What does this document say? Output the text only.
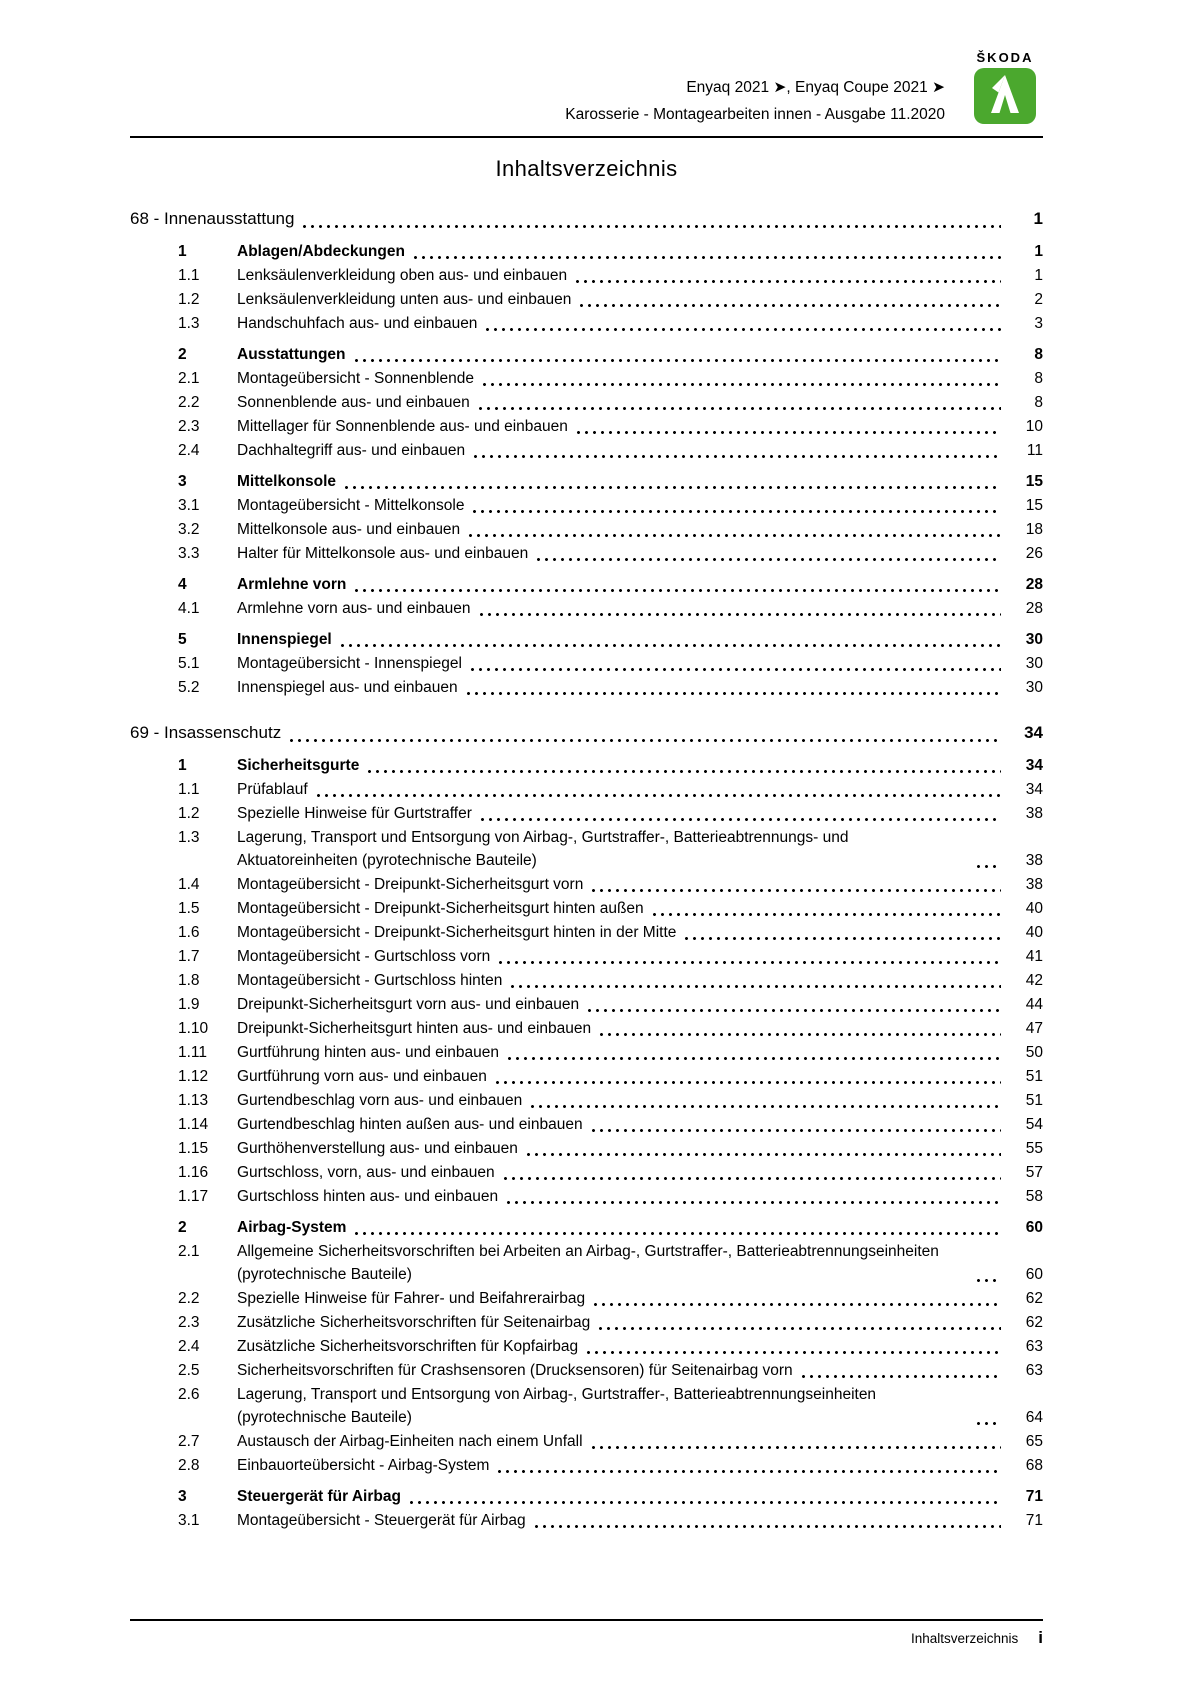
Enyaq 2021 ➤, Enyaq Coupe 2021 ➤
Karosserie - Montagearbeiten innen - Ausgabe 11.2020
ŠKODA
Inhaltsverzeichnis
68 - Innenausstattung	1
1	Ablagen/Abdeckungen	1
1.1	Lenksäulenverkleidung oben aus- und einbauen	1
1.2	Lenksäulenverkleidung unten aus- und einbauen	2
1.3	Handschuhfach aus- und einbauen	3
2	Ausstattungen	8
2.1	Montageübersicht - Sonnenblende	8
2.2	Sonnenblende aus- und einbauen	8
2.3	Mittellager für Sonnenblende aus- und einbauen	10
2.4	Dachhaltegriff aus- und einbauen	11
3	Mittelkonsole	15
3.1	Montageübersicht - Mittelkonsole	15
3.2	Mittelkonsole aus- und einbauen	18
3.3	Halter für Mittelkonsole aus- und einbauen	26
4	Armlehne vorn	28
4.1	Armlehne vorn aus- und einbauen	28
5	Innenspiegel	30
5.1	Montageübersicht - Innenspiegel	30
5.2	Innenspiegel aus- und einbauen	30
69 - Insassenschutz	34
1	Sicherheitsgurte	34
1.1	Prüfablauf	34
1.2	Spezielle Hinweise für Gurtstraffer	38
1.3	Lagerung, Transport und Entsorgung von Airbag-, Gurtstraffer-, Batterieabtrennungs- und Aktuatoreinheiten (pyrotechnische Bauteile)	38
1.4	Montageübersicht - Dreipunkt-Sicherheitsgurt vorn	38
1.5	Montageübersicht - Dreipunkt-Sicherheitsgurt hinten außen	40
1.6	Montageübersicht - Dreipunkt-Sicherheitsgurt hinten in der Mitte	40
1.7	Montageübersicht - Gurtschloss vorn	41
1.8	Montageübersicht - Gurtschloss hinten	42
1.9	Dreipunkt-Sicherheitsgurt vorn aus- und einbauen	44
1.10	Dreipunkt-Sicherheitsgurt hinten aus- und einbauen	47
1.11	Gurtführung hinten aus- und einbauen	50
1.12	Gurtführung vorn aus- und einbauen	51
1.13	Gurtendbeschlag vorn aus- und einbauen	51
1.14	Gurtendbeschlag hinten außen aus- und einbauen	54
1.15	Gurthöhenverstellung aus- und einbauen	55
1.16	Gurtschloss, vorn, aus- und einbauen	57
1.17	Gurtschloss hinten aus- und einbauen	58
2	Airbag-System	60
2.1	Allgemeine Sicherheitsvorschriften bei Arbeiten an Airbag-, Gurtstraffer-, Batterieabtrennungseinheiten (pyrotechnische Bauteile)	60
2.2	Spezielle Hinweise für Fahrer- und Beifahrerairbag	62
2.3	Zusätzliche Sicherheitsvorschriften für Seitenairbag	62
2.4	Zusätzliche Sicherheitsvorschriften für Kopfairbag	63
2.5	Sicherheitsvorschriften für Crashsensoren (Drucksensoren) für Seitenairbag vorn	63
2.6	Lagerung, Transport und Entsorgung von Airbag-, Gurtstraffer-, Batterieabtrennungseinheiten (pyrotechnische Bauteile)	64
2.7	Austausch der Airbag-Einheiten nach einem Unfall	65
2.8	Einbauorteübersicht - Airbag-System	68
3	Steuergerät für Airbag	71
3.1	Montageübersicht - Steuergerät für Airbag	71
Inhaltsverzeichnis i
